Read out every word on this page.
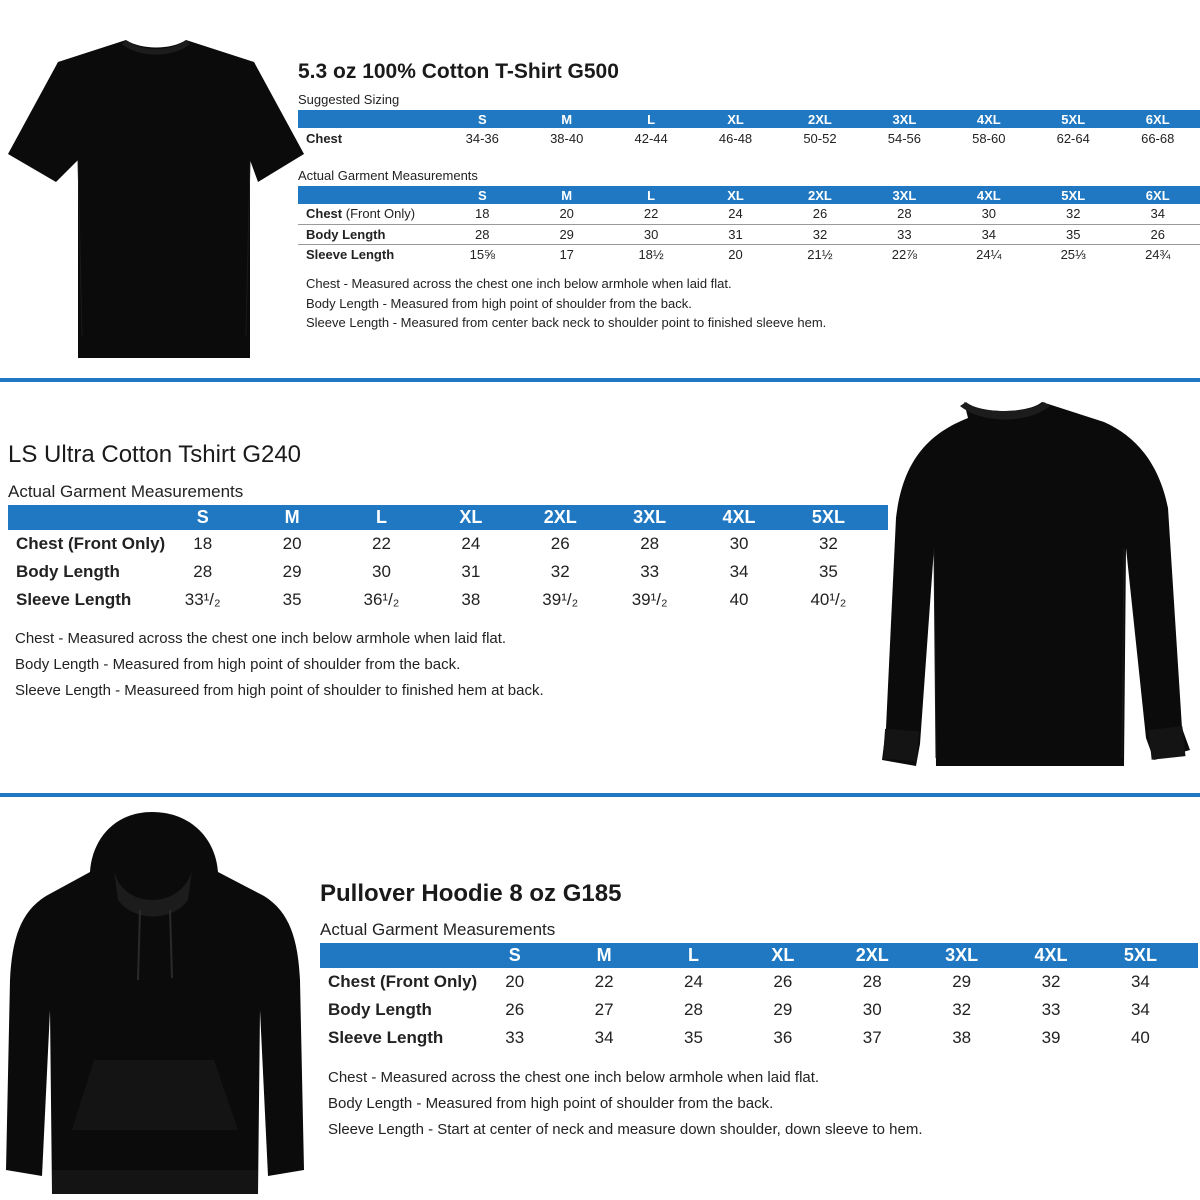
5.3 oz 100% Cotton T-Shirt G500
Suggested Sizing
	S	M	L	XL	2XL	3XL	4XL	5XL	6XL
Chest	34-36	38-40	42-44	46-48	50-52	54-56	58-60	62-64	66-68
Actual Garment Measurements
	S	M	L	XL	2XL	3XL	4XL	5XL	6XL
Chest (Front Only)	18	20	22	24	26	28	30	32	34
Body Length	28	29	30	31	32	33	34	35	26
Sleeve Length	15⅝	17	18½	20	21½	22⅞	24¼	25⅓	24¾

Chest - Measured across the chest one inch below armhole when laid flat.

Body Length - Measured from high point of shoulder from the back.

Sleeve Length - Measured from center back neck to shoulder point to finished sleeve hem.

LS Ultra Cotton Tshirt G240
Actual Garment Measurements
	S	M	L	XL	2XL	3XL	4XL	5XL	
Chest (Front Only)	18	20	22	24	26	28	30	32	
Body Length	28	29	30	31	32	33	34	35	
Sleeve Length	33¹/₂	35	36¹/₂	38	39¹/₂	39¹/₂	40	40¹/₂	

Chest - Measured across the chest one inch below armhole when laid flat.

Body Length - Measured from high point of shoulder from the back.

Sleeve Length - Measureed from high point of shoulder to finished hem at back.

Pullover Hoodie 8 oz G185
Actual Garment Measurements
	S	M	L	XL	2XL	3XL	4XL	5XL	
Chest (Front Only)	20	22	24	26	28	29	32	34	
Body Length	26	27	28	29	30	32	33	34	
Sleeve Length	33	34	35	36	37	38	39	40	

Chest - Measured across the chest one inch below armhole when laid flat.

Body Length - Measured from high point of shoulder from the back.

Sleeve Length - Start at center of neck and measure down shoulder, down sleeve to hem.
